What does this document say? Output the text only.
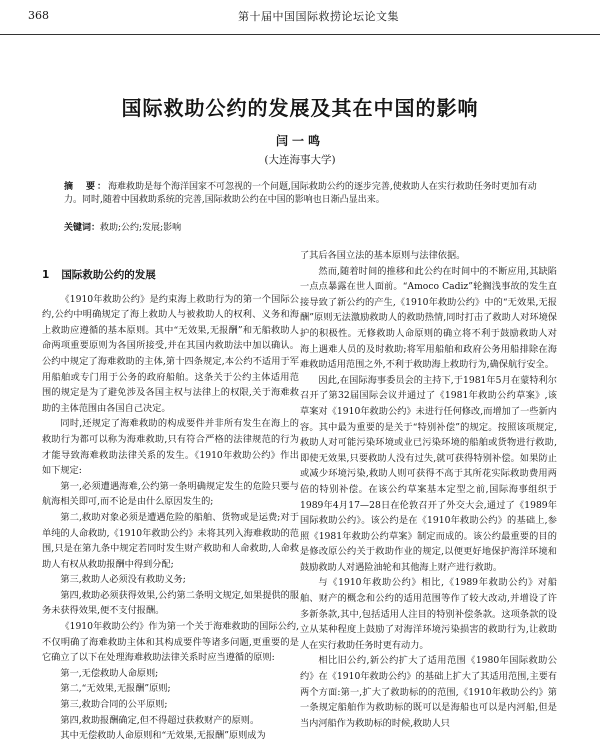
368	第十届中国国际救捞论坛论文集
国际救助公约的发展及其在中国的影响
闫一鸣
(大连海事大学)

摘　要：海难救助是每个海洋国家不可忽视的一个问题,国际救助公约的逐步完善,使救助人在实行救助任务时更加有动力。同时,随着中国救助系统的完善,国际救助公约在中国的影响也日渐凸显出来。

关键词：救助;公约;发展;影响

1 国际救助公约的发展

《1910年救助公约》是约束海上救助行为的第一个国际公约,公约中明确规定了海上救助人与被救助人的权利、义务和海上救助应遵循的基本原则。其中“无效果,无报酬”和无船救助人命两项重要原则为各国所接受,并在其国内救助法中加以确认。公约中规定了海难救助的主体,第十四条规定,本公约不适用于军用船舶或专门用于公务的政府船舶。这条关于公约主体适用范围的规定是为了避免涉及各国主权与法律上的权限,关于海难救助的主体范围由各国自己决定。

同时,还规定了海难救助的构成要件并非所有发生在海上的救助行为都可以称为海难救助,只有符合严格的法律规范的行为才能导致海难救助法律关系的发生。《1910年救助公约》作出如下规定:

第一,必须遭遇海难,公约第一条明确规定发生的危险只要与航海相关即可,而不论是由什么原因发生的;

第二,救助对象必须是遭遇危险的船舶、货物或是运费;对于单纯的人命救助,《1910年救助公约》未将其列入海难救助的范围,只是在第九条中规定若同时发生财产救助和人命救助,人命救助人有权从救助报酬中得到分配;

第三,救助人必须没有救助义务;

第四,救助必须获得效果,公约第二条明文规定,如果提供的服务未获得效果,便不支付报酬。

《1910年救助公约》作为第一个关于海难救助的国际公约,不仅明确了海难救助主体和其构成要件等诸多问题,更重要的是它确立了以下在处理海难救助法律关系时应当遵循的原则:

第一,无偿救助人命原则;

第二,“无效果,无报酬”原则;

第三,救助合同的公平原则;

第四,救助报酬确定,但不得超过获救财产的原则。

其中无偿救助人命原则和“无效果,无报酬”原则成为

了其后各国立法的基本原则与法律依据。

然而,随着时间的推移和此公约在时间中的不断应用,其缺陷一点点暴露在世人面前。“Amoco Cadiz”轮搁浅事故的发生直接导致了新公约的产生,《1910年救助公约》中的“无效果,无报酬”原则无法激励救助人的救助热情,同时打击了救助人对环境保护的积极性。无修救助人命原则的确立将不利于鼓励救助人对海上遇难人员的及时救助;将军用船舶和政府公务用船排除在海难救助适用范围之外,不利于救助海上救助行为,确保航行安全。

因此,在国际海事委员会的主持下,于1981年5月在蒙特利尔召开了第32届国际会议并通过了《1981年救助公约草案》,该草案对《1910年救助公约》未进行任何修改,而增加了一些新内容。其中最为重要的是关于“特别补偿”的规定。按照该项规定,救助人对可能污染环境或业已污染环境的船舶或货物进行救助,即使无效果,只要救助人没有过失,就可获得特别补偿。如果防止或减少环境污染,救助人则可获得不高于其所花实际救助费用两倍的特别补偿。在该公约草案基本定型之前,国际海事组织于1989年4月17—28日在伦敦召开了外交大会,通过了《1989年国际救助公约》。该公约是在《1910年救助公约》的基础上,参照《1981年救助公约草案》制定而成的。该公约最重要的目的是修改原公约关于救助作业的规定,以便更好地保护海洋环境和鼓励救助人对遇险油轮和其他海上财产进行救助。

与《1910年救助公约》相比,《1989年救助公约》对船舶、财产的概念和公约的适用范围等作了较大改动,并增设了许多新条款,其中,包括适用人注目的特别补偿条款。这项条款的设立从某种程度上鼓励了对海洋环境污染损害的救助行为,让救助人在实行救助任务时更有动力。

相比旧公约,新公约扩大了适用范围《1980年国际救助公约》在《1910年救助公约》的基础上扩大了其适用范围,主要有两个方面:第一,扩大了救助标的的范围,《1910年救助公约》第一条规定船舶作为救助标的既可以是海船也可以是内河船,但是当内河船作为救助标的时候,救助人只
